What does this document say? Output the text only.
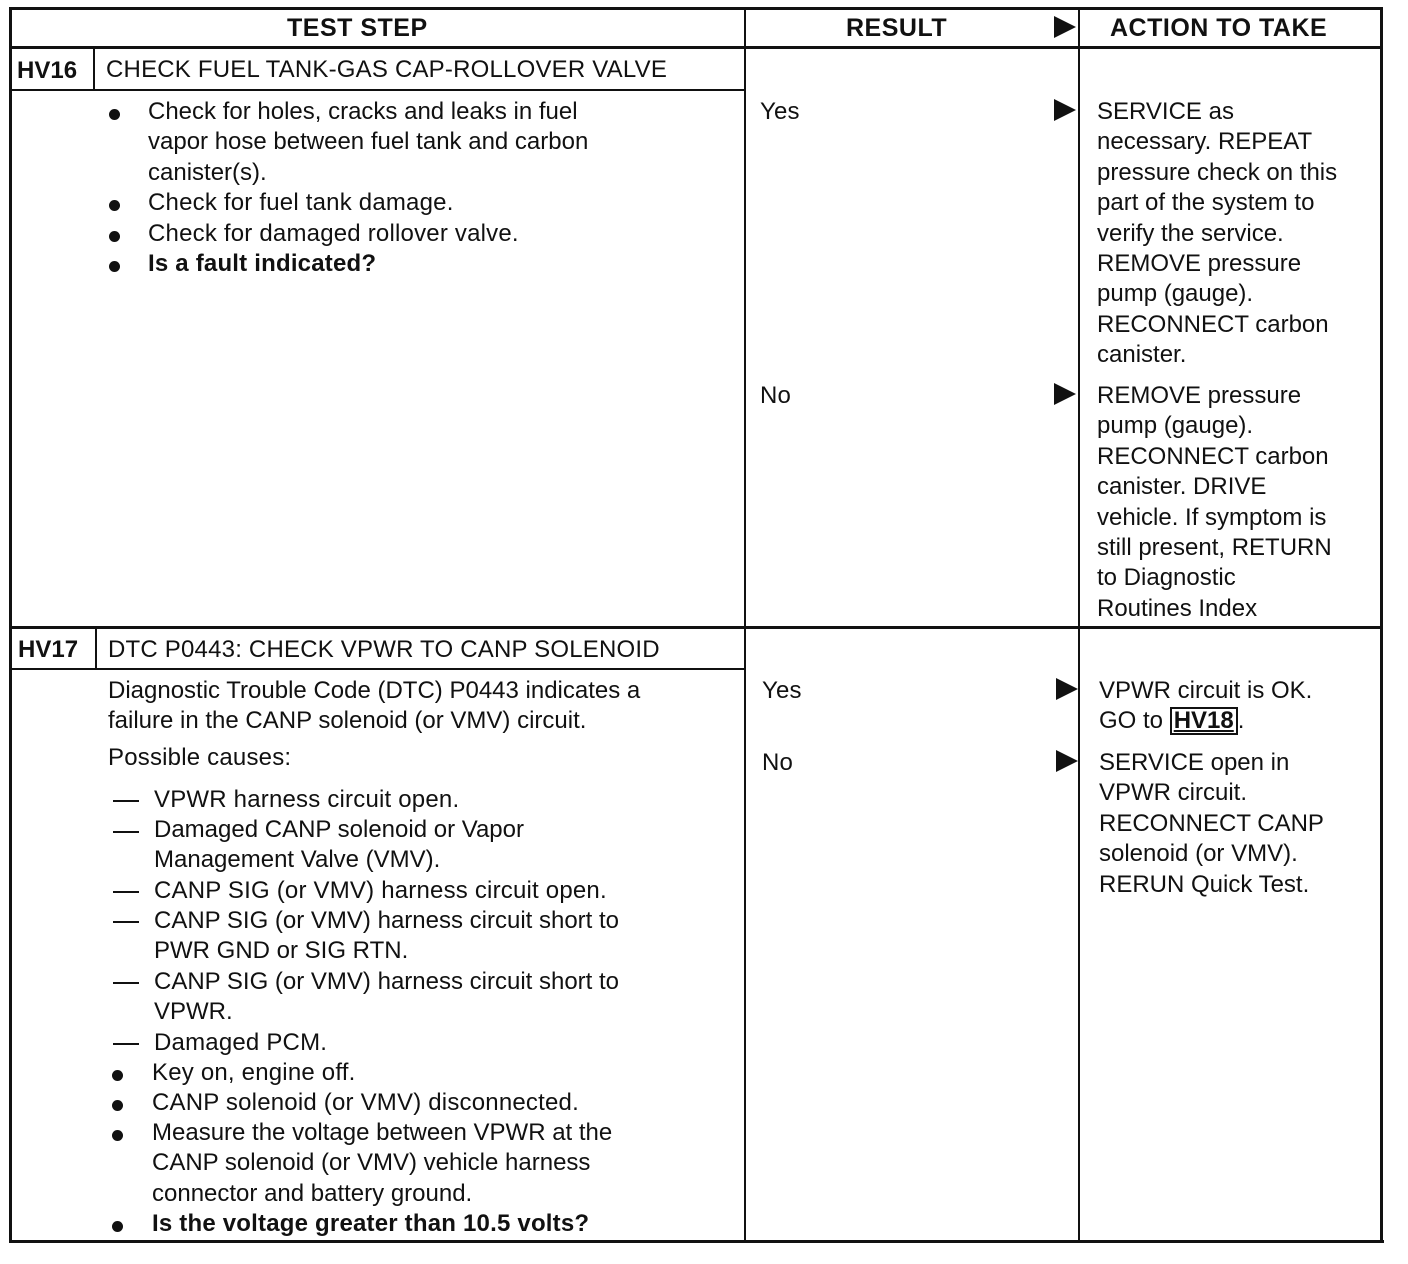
TEST STEP	RESULT	ACTION TO TAKE
HV16 CHECK FUEL TANK-GAS CAP-ROLLOVER VALVE
Check for holes, cracks and leaks in fuel
vapor hose between fuel tank and carbon
canister(s).
Check for fuel tank damage.
Check for damaged rollover valve.
Is a fault indicated?
Yes	SERVICE as
necessary. REPEAT
pressure check on this
part of the system to
verify the service.
REMOVE pressure
pump (gauge).
RECONNECT carbon
canister.
No	REMOVE pressure
pump (gauge).
RECONNECT carbon
canister. DRIVE
vehicle. If symptom is
still present, RETURN
to Diagnostic
Routines Index
HV17 DTC P0443: CHECK VPWR TO CANP SOLENOID
Diagnostic Trouble Code (DTC) P0443 indicates a
failure in the CANP solenoid (or VMV) circuit.
Possible causes:
VPWR harness circuit open.
Damaged CANP solenoid or Vapor
Management Valve (VMV).
CANP SIG (or VMV) harness circuit open.
CANP SIG (or VMV) harness circuit short to
PWR GND or SIG RTN.
CANP SIG (or VMV) harness circuit short to
VPWR.
Damaged PCM.
Key on, engine off.
CANP solenoid (or VMV) disconnected.
Measure the voltage between VPWR at the
CANP solenoid (or VMV) vehicle harness
connector and battery ground.
Is the voltage greater than 10.5 volts?
Yes	VPWR circuit is OK.
GO to HV18 .
No	SERVICE open in
VPWR circuit.
RECONNECT CANP
solenoid (or VMV).
RERUN Quick Test.
